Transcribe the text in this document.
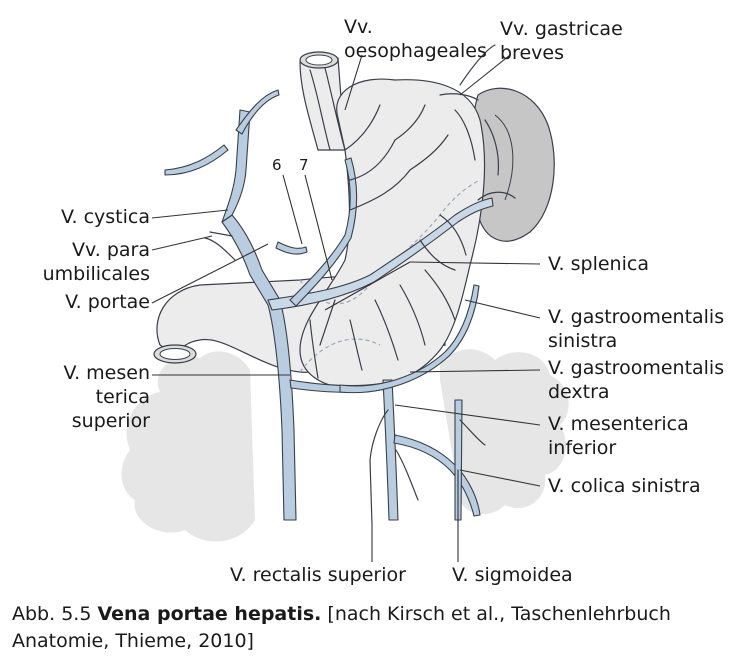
Vv.
oesophageales
Vv. gastricae
breves
6 7
V. cystica
Vv. para
umbilicales
V. portae
V. mesen
terica
superior
V. splenica
V. gastroomentalis
sinistra
V. gastroomentalis
dextra
V. mesenterica
inferior
V. colica sinistra
V. rectalis superior V. sigmoidea
Abb. 5.5 Vena portae hepatis. [nach Kirsch et al., Taschenlehrbuch Anatomie, Thieme, 2010]
